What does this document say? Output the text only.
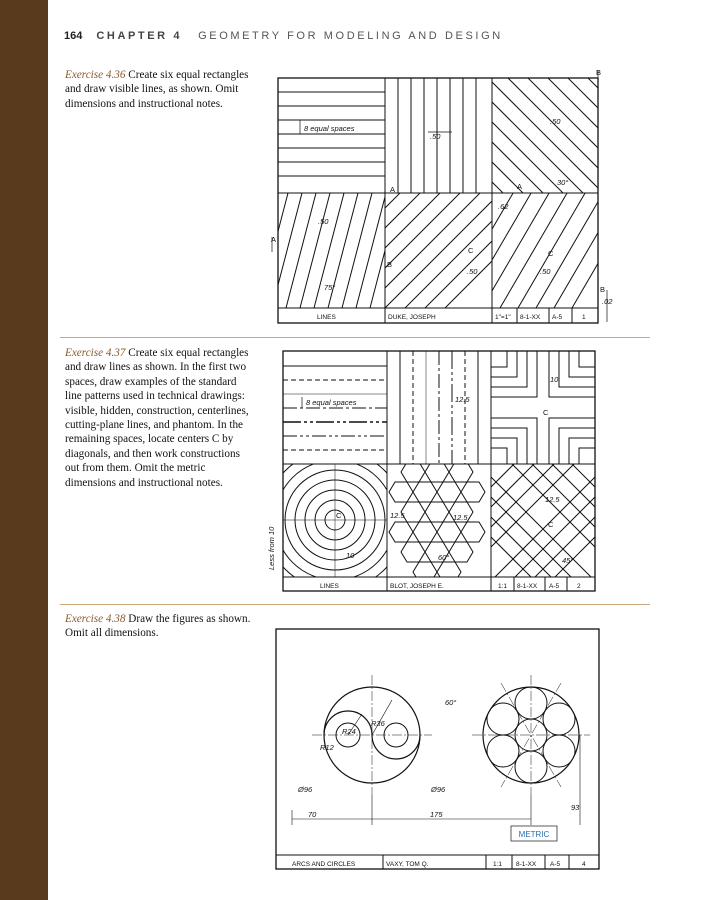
164 CHAPTER 4 GEOMETRY FOR MODELING AND DESIGN
Exercise 4.36 Create six equal rectangles and draw visible lines, as shown. Omit dimensions and instructional notes.
Exercise 4.37 Create six equal rectangles and draw lines as shown. In the first two spaces, draw examples of the standard line patterns used in technical drawings: visible, hidden, construction, centerlines, cutting-plane lines, and phantom. In the remaining spaces, locate centers C by diagonals, and then work constructions out from them. Omit the metric dimensions and instructional notes.
Exercise 4.38 Draw the figures as shown. Omit all dimensions.
8 equal spaces
.50
.50
.50
.50	.50
.62
.02
30°
75°
A	A
A
B
B
B
C	C
LINES	DUKE, JOSEPH	1"=1" 8-1-XX A-5	1
8 equal spaces	12.5
10
C
C	12.5	12.5
60°
12.5
45°
C
10
Less from 10
LINES	BLOT, JOSEPH E.	1:1 8-1-XX A-5	2
R36
R24
R12
Ø96	Ø96
60°
70	175
93
METRIC
ARCS AND CIRCLES	VAXY, TOM Q.	1:1 8-1-XX A-5	4
